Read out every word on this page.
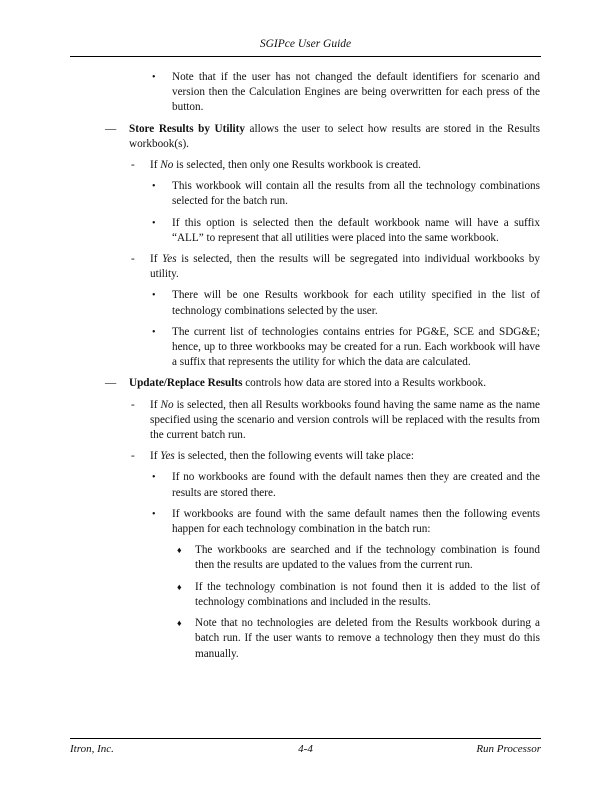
SGIPce User Guide
• Note that if the user has not changed the default identifiers for scenario and version then the Calculation Engines are being overwritten for each press of the button.
— Store Results by Utility allows the user to select how results are stored in the Results workbook(s).
- If No is selected, then only one Results workbook is created.
• This workbook will contain all the results from all the technology combinations selected for the batch run.
• If this option is selected then the default workbook name will have a suffix “ALL” to represent that all utilities were placed into the same workbook.
- If Yes is selected, then the results will be segregated into individual workbooks by utility.
• There will be one Results workbook for each utility specified in the list of technology combinations selected by the user.
• The current list of technologies contains entries for PG&E, SCE and SDG&E; hence, up to three workbooks may be created for a run. Each workbook will have a suffix that represents the utility for which the data are calculated.
— Update/Replace Results controls how data are stored into a Results workbook.
- If No is selected, then all Results workbooks found having the same name as the name specified using the scenario and version controls will be replaced with the results from the current batch run.
- If Yes is selected, then the following events will take place:
• If no workbooks are found with the default names then they are created and the results are stored there.
• If workbooks are found with the same default names then the following events happen for each technology combination in the batch run:
♦ The workbooks are searched and if the technology combination is found then the results are updated to the values from the current run.
♦ If the technology combination is not found then it is added to the list of technology combinations and included in the results.
♦ Note that no technologies are deleted from the Results workbook during a batch run. If the user wants to remove a technology then they must do this manually.
Itron, Inc.	4-4	Run Processor
